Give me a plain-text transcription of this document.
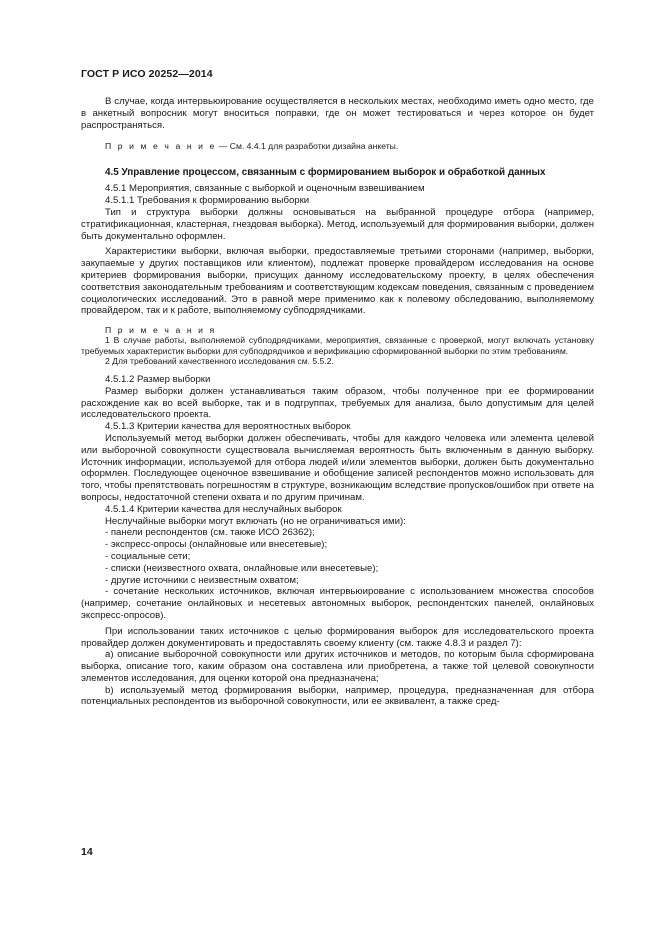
ГОСТ Р ИСО 20252—2014

В случае, когда интервьюирование осуществляется в нескольких местах, необходимо иметь одно место, где в анкетный вопросник могут вноситься поправки, где он может тестироваться и через которое он будет распространяться.

П р и м е ч а н и е — См. 4.4.1 для разработки дизайна анкеты.

4.5 Управление процессом, связанным с формированием выборок и обработкой данных

4.5.1 Мероприятия, связанные с выборкой и оценочным взвешиванием

4.5.1.1 Требования к формированию выборки

Тип и структура выборки должны основываться на выбранной процедуре отбора (например, стратификационная, кластерная, гнездовая выборка). Метод, используемый для формирования выборки, должен быть документально оформлен.

Характеристики выборки, включая выборки, предоставляемые третьими сторонами (например, выборки, закупаемые у других поставщиков или клиентом), подлежат проверке провайдером исследования на основе критериев формирования выборки, присущих данному исследовательскому проекту, в целях обеспечения соответствия законодательным требованиям и соответствующим кодексам поведения, связанным с проведением социологических исследований. Это в равной мере применимо как к полевому обследованию, выполняемому провайдером, так и к работе, выполняемому субподрядчиками.

П р и м е ч а н и я

1 В случае работы, выполняемой субподрядчиками, мероприятия, связанные с проверкой, могут включать установку требуемых характеристик выборки для субподрядчиков и верификацию сформированной выборки по этим требованиям.

2 Для требований качественного исследования см. 5.5.2.

4.5.1.2 Размер выборки

Размер выборки должен устанавливаться таким образом, чтобы полученное при ее формировании расхождение как во всей выборке, так и в подгруппах, требуемых для анализа, было допустимым для целей исследовательского проекта.

4.5.1.3 Критерии качества для вероятностных выборок

Используемый метод выборки должен обеспечивать, чтобы для каждого человека или элемента целевой или выборочной совокупности существовала вычисляемая вероятность быть включенным в данную выборку. Источник информации, используемой для отбора людей и/или элементов выборки, должен быть документально оформлен. Последующее оценочное взвешивание и обобщение записей респондентов можно использовать для того, чтобы препятствовать погрешностям в структуре, возникающим вследствие пропусков/ошибок при ответе на вопросы, недостаточной степени охвата и по другим причинам.

4.5.1.4 Критерии качества для неслучайных выборок

Неслучайные выборки могут включать (но не ограничиваться ими):

- панели респондентов (см. также ИСО 26362);

- экспресс-опросы (онлайновые или внесетевые);

- социальные сети;

- списки (неизвестного охвата, онлайновые или внесетевые);

- другие источники с неизвестным охватом;

- сочетание нескольких источников, включая интервьюирование с использованием множества способов (например, сочетание онлайновых и несетевых автономных выборок, респондентских панелей, онлайновых экспресс-опросов).

При использовании таких источников с целью формирования выборок для исследовательского проекта провайдер должен документировать и предоставлять своему клиенту (см. также 4.8.3 и раздел 7):

a) описание выборочной совокупности или других источников и методов, по которым была сформирована выборка, описание того, каким образом она составлена или приобретена, а также той целевой совокупности элементов исследования, для оценки которой она предназначена;

b) используемый метод формирования выборки, например, процедура, предназначенная для отбора потенциальных респондентов из выборочной совокупности, или ее эквивалент, а также сред-

14
